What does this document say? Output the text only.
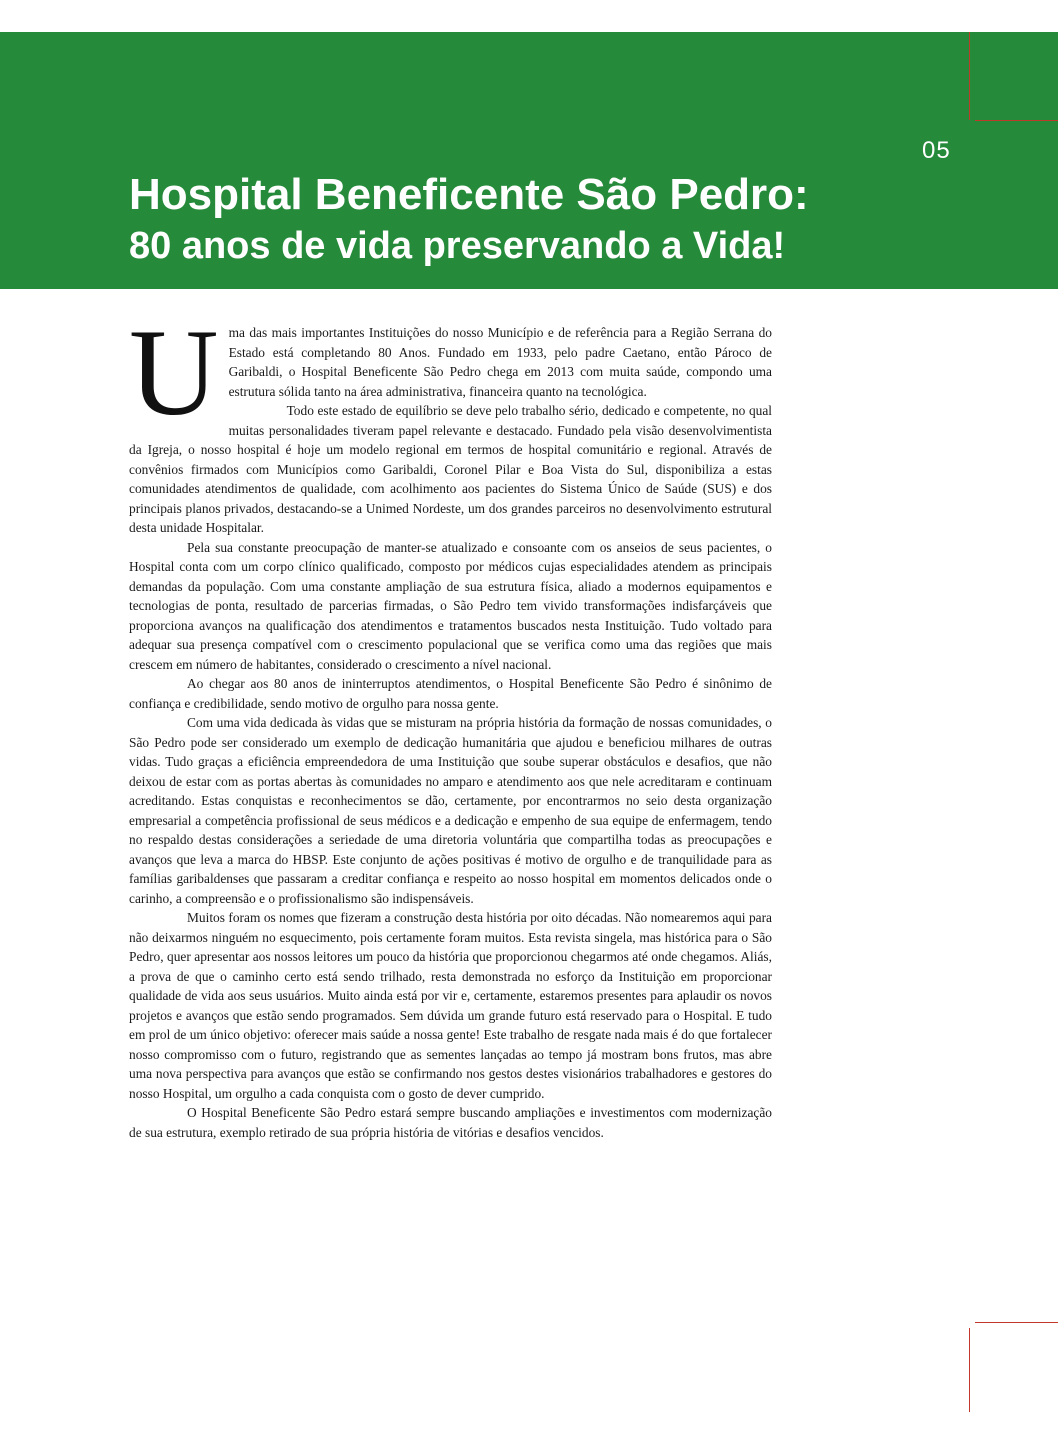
05
Hospital Beneficente São Pedro:
80 anos de vida preservando a Vida!

Uma das mais importantes Instituições do nosso Município e de referência para a Região Serrana do Estado está completando 80 Anos. Fundado em 1933, pelo padre Caetano, então Pároco de Garibaldi, o Hospital Beneficente São Pedro chega em 2013 com muita saúde, compondo uma estrutura sólida tanto na área administrativa, financeira quanto na tecnológica.

Todo este estado de equilíbrio se deve pelo trabalho sério, dedicado e competente, no qual muitas personalidades tiveram papel relevante e destacado. Fundado pela visão desenvolvimentista da Igreja, o nosso hospital é hoje um modelo regional em termos de hospital comunitário e regional. Através de convênios firmados com Municípios como Garibaldi, Coronel Pilar e Boa Vista do Sul, disponibiliza a estas comunidades atendimentos de qualidade, com acolhimento aos pacientes do Sistema Único de Saúde (SUS) e dos principais planos privados, destacando-se a Unimed Nordeste, um dos grandes parceiros no desenvolvimento estrutural desta unidade Hospitalar.

Pela sua constante preocupação de manter-se atualizado e consoante com os anseios de seus pacientes, o Hospital conta com um corpo clínico qualificado, composto por médicos cujas especialidades atendem as principais demandas da população. Com uma constante ampliação de sua estrutura física, aliado a modernos equipamentos e tecnologias de ponta, resultado de parcerias firmadas, o São Pedro tem vivido transformações indisfarçáveis que proporciona avanços na qualificação dos atendimentos e tratamentos buscados nesta Instituição. Tudo voltado para adequar sua presença compatível com o crescimento populacional que se verifica como uma das regiões que mais crescem em número de habitantes, considerado o crescimento a nível nacional.

Ao chegar aos 80 anos de ininterruptos atendimentos, o Hospital Beneficente São Pedro é sinônimo de confiança e credibilidade, sendo motivo de orgulho para nossa gente.

Com uma vida dedicada às vidas que se misturam na própria história da formação de nossas comunidades, o São Pedro pode ser considerado um exemplo de dedicação humanitária que ajudou e beneficiou milhares de outras vidas. Tudo graças a eficiência empreendedora de uma Instituição que soube superar obstáculos e desafios, que não deixou de estar com as portas abertas às comunidades no amparo e atendimento aos que nele acreditaram e continuam acreditando. Estas conquistas e reconhecimentos se dão, certamente, por encontrarmos no seio desta organização empresarial a competência profissional de seus médicos e a dedicação e empenho de sua equipe de enfermagem, tendo no respaldo destas considerações a seriedade de uma diretoria voluntária que compartilha todas as preocupações e avanços que leva a marca do HBSP. Este conjunto de ações positivas é motivo de orgulho e de tranquilidade para as famílias garibaldenses que passaram a creditar confiança e respeito ao nosso hospital em momentos delicados onde o carinho, a compreensão e o profissionalismo são indispensáveis.

Muitos foram os nomes que fizeram a construção desta história por oito décadas. Não nomearemos aqui para não deixarmos ninguém no esquecimento, pois certamente foram muitos. Esta revista singela, mas histórica para o São Pedro, quer apresentar aos nossos leitores um pouco da história que proporcionou chegarmos até onde chegamos. Aliás, a prova de que o caminho certo está sendo trilhado, resta demonstrada no esforço da Instituição em proporcionar qualidade de vida aos seus usuários. Muito ainda está por vir e, certamente, estaremos presentes para aplaudir os novos projetos e avanços que estão sendo programados. Sem dúvida um grande futuro está reservado para o Hospital. E tudo em prol de um único objetivo: oferecer mais saúde a nossa gente! Este trabalho de resgate nada mais é do que fortalecer nosso compromisso com o futuro, registrando que as sementes lançadas ao tempo já mostram bons frutos, mas abre uma nova perspectiva para avanços que estão se confirmando nos gestos destes visionários trabalhadores e gestores do nosso Hospital, um orgulho a cada conquista com o gosto de dever cumprido.

O Hospital Beneficente São Pedro estará sempre buscando ampliações e investimentos com modernização de sua estrutura, exemplo retirado de sua própria história de vitórias e desafios vencidos.
